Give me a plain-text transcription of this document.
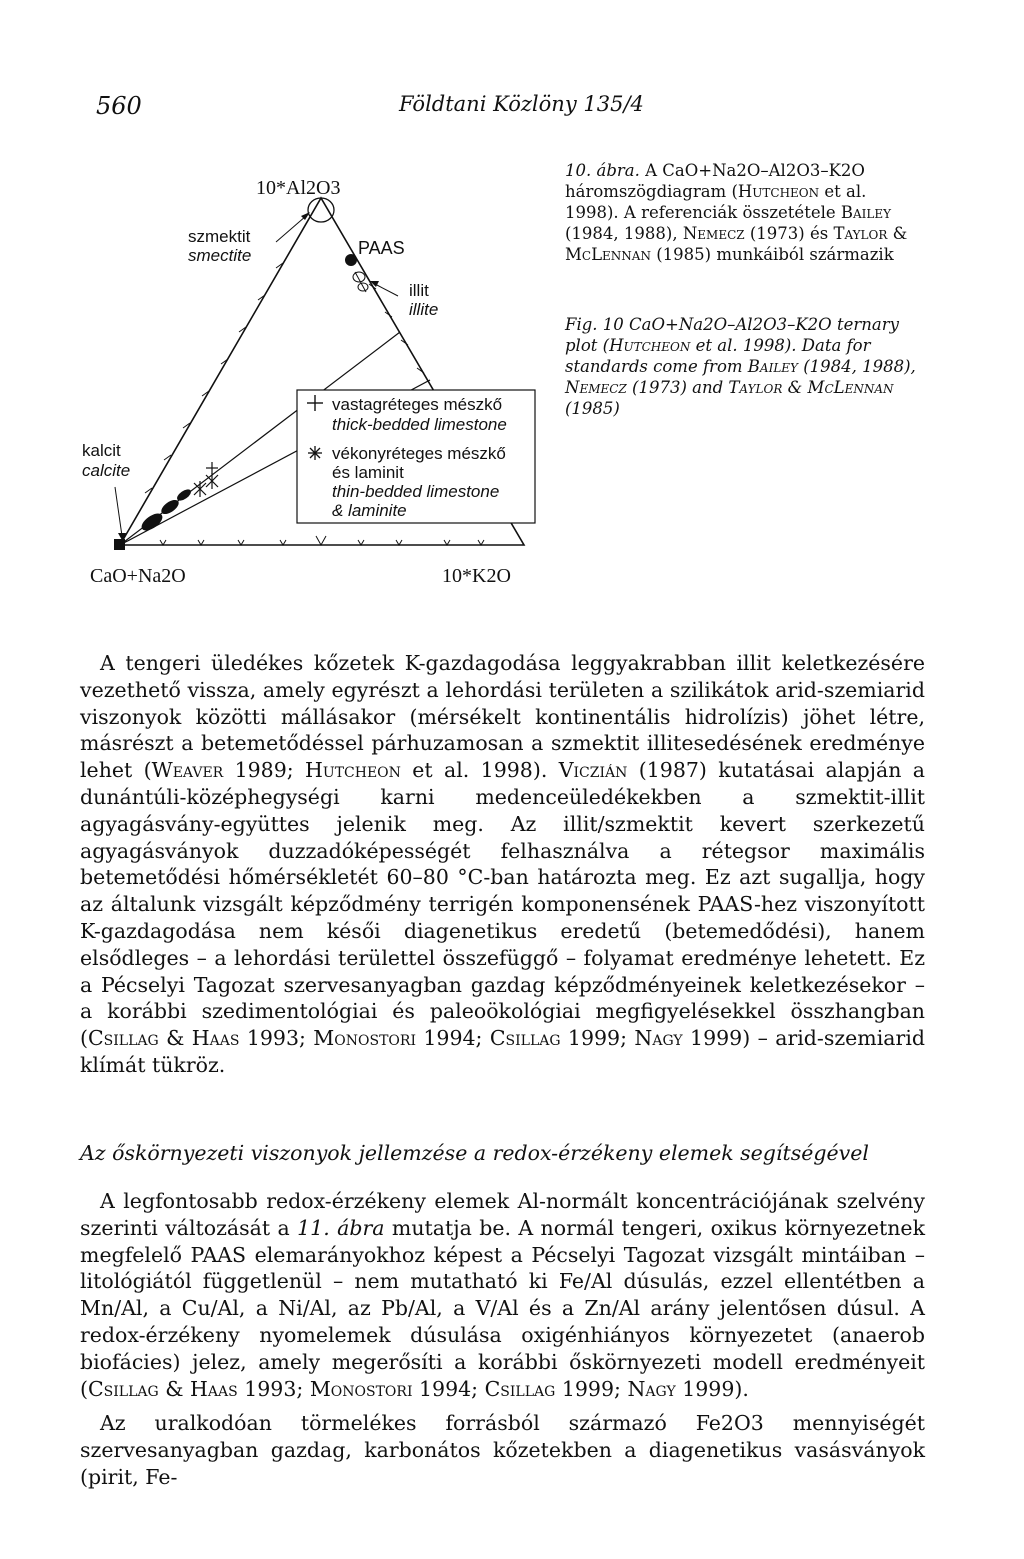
560	Földtani Közlöny 135/4
vastagréteges mészkő
thick-bedded limestone
vékonyréteges mészkő
és laminit
thin-bedded limestone
& laminite
10*Al2O3
szmektit
smectite	PAAS
illit
illite
kalcit
calcite
CaO+Na2O	10*K2O
10. ábra. A CaO+Na2O–Al2O3–K2O háromszögdiagram (Hutcheon et al. 1998). A referenciák összetétele Bailey (1984, 1988), Nemecz (1973) és Taylor & McLennan (1985) munkáiból származik
Fig. 10 CaO+Na2O–Al2O3–K2O ternary plot (Hutcheon et al. 1998). Data for standards come from Bailey (1984, 1988), Nemecz (1973) and Taylor & McLennan (1985)

A tengeri üledékes kőzetek K-gazdagodása leggyakrabban illit keletkezésére vezethető vissza, amely egyrészt a lehordási területen a szilikátok arid-szemiarid viszonyok közötti mállásakor (mérsékelt kontinentális hidrolízis) jöhet létre, másrészt a betemetődéssel párhuzamosan a szmektit illitesedésének eredménye lehet (Weaver 1989; Hutcheon et al. 1998). Viczián (1987) kutatásai alapján a dunántúli-középhegységi karni medenceüledékekben a szmektit-illit agyagásvány-együttes jelenik meg. Az illit/szmektit kevert szerkezetű agyagásványok duzzadóképességét felhasználva a rétegsor maximális betemetődési hőmérsékletét 60–80 °C-ban határozta meg. Ez azt sugallja, hogy az általunk vizsgált képződmény terrigén komponensének PAAS-hez viszonyított K-gazdagodása nem késői diagenetikus eredetű (betemedődési), hanem elsődleges – a lehordási területtel összefüggő – folyamat eredménye lehetett. Ez a Pécselyi Tagozat szervesanyagban gazdag képződményeinek keletkezésekor – a korábbi szedimentológiai és paleoökológiai megfigyelésekkel összhangban (Csillag & Haas 1993; Monostori 1994; Csillag 1999; Nagy 1999) – arid-szemiarid klímát tükröz.

Az őskörnyezeti viszonyok jellemzése a redox-érzékeny elemek segítségével

A legfontosabb redox-érzékeny elemek Al-normált koncentrációjának szelvény szerinti változását a 11. ábra mutatja be. A normál tengeri, oxikus környezetnek megfelelő PAAS elemarányokhoz képest a Pécselyi Tagozat vizsgált mintáiban – litológiától függetlenül – nem mutatható ki Fe/Al dúsulás, ezzel ellentétben a Mn/Al, a Cu/Al, a Ni/Al, az Pb/Al, a V/Al és a Zn/Al arány jelentősen dúsul. A redox-érzékeny nyomelemek dúsulása oxigénhiányos környezetet (anaerob biofácies) jelez, amely megerősíti a korábbi őskörnyezeti modell eredményeit (Csillag & Haas 1993; Monostori 1994; Csillag 1999; Nagy 1999).

Az uralkodóan törmelékes forrásból származó Fe2O3 mennyiségét szervesanyagban gazdag, karbonátos kőzetekben a diagenetikus vasásványok (pirit, Fe-
